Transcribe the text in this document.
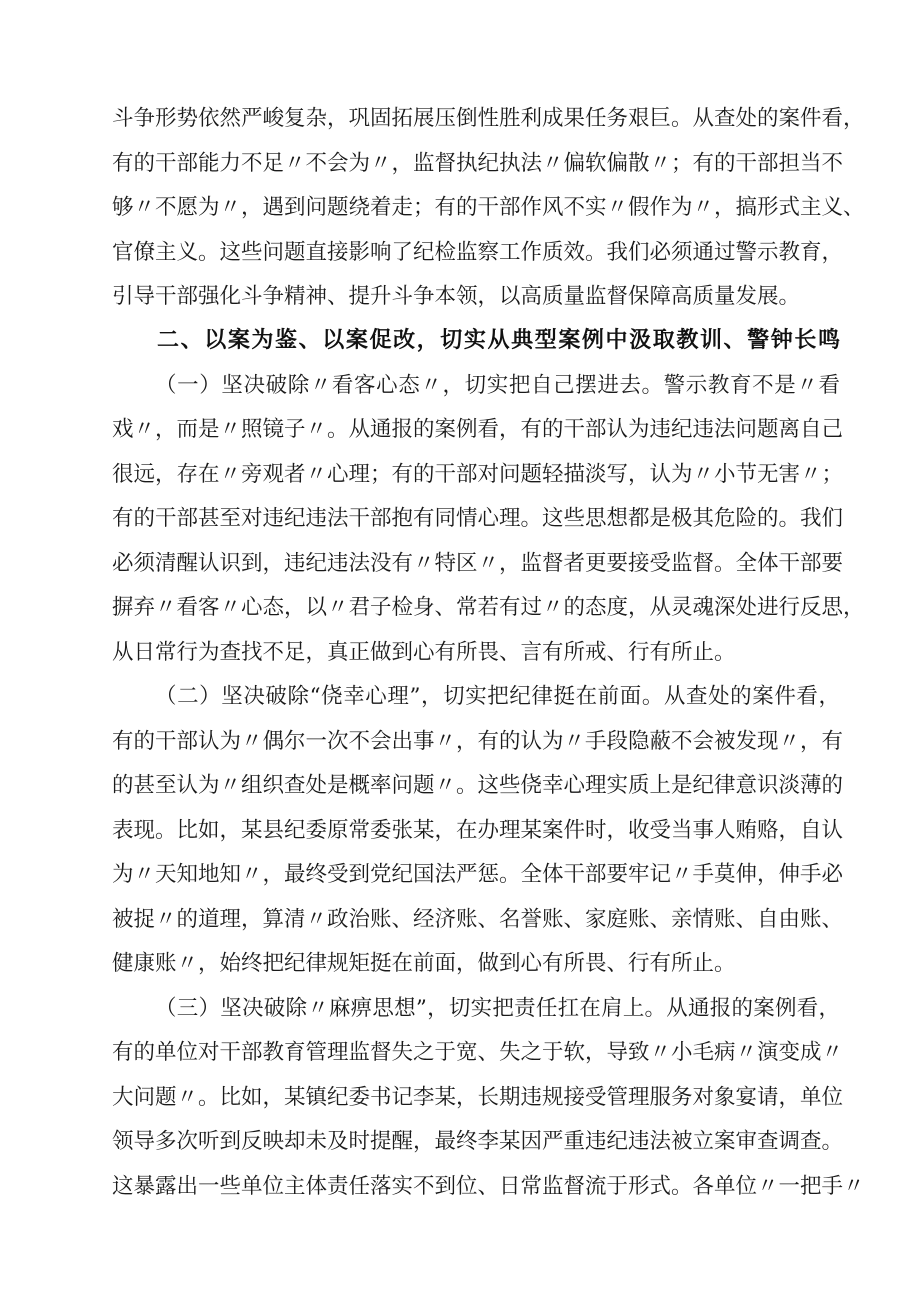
斗争形势依然严峻复杂，巩固拓展压倒性胜利成果任务艰巨。从查处的案件看，
有的干部能力不足〃不会为〃，监督执纪执法〃偏软偏散〃；有的干部担当不
够〃不愿为〃，遇到问题绕着走；有的干部作风不实〃假作为〃，搞形式主义、
官僚主义。这些问题直接影响了纪检监察工作质效。我们必须通过警示教育，
引导干部强化斗争精神、提升斗争本领，以高质量监督保障高质量发展。
二、以案为鉴、以案促改，切实从典型案例中汲取教训、警钟长鸣
（一）坚决破除〃看客心态〃，切实把自己摆进去。警示教育不是〃看
戏〃，而是〃照镜子〃。从通报的案例看，有的干部认为违纪违法问题离自己
很远，存在〃旁观者〃心理；有的干部对问题轻描淡写，认为〃小节无害〃；
有的干部甚至对违纪违法干部抱有同情心理。这些思想都是极其危险的。我们
必须清醒认识到，违纪违法没有〃特区〃，监督者更要接受监督。全体干部要
摒弃〃看客〃心态，以〃君子检身、常若有过〃的态度，从灵魂深处进行反思，
从日常行为查找不足，真正做到心有所畏、言有所戒、行有所止。
（二）坚决破除“侥幸心理”，切实把纪律挺在前面。从查处的案件看，
有的干部认为〃偶尔一次不会出事〃，有的认为〃手段隐蔽不会被发现〃，有
的甚至认为〃组织查处是概率问题〃。这些侥幸心理实质上是纪律意识淡薄的
表现。比如，某县纪委原常委张某，在办理某案件时，收受当事人贿赂，自认
为〃天知地知〃，最终受到党纪国法严惩。全体干部要牢记〃手莫伸，伸手必
被捉〃的道理，算清〃政治账、经济账、名誉账、家庭账、亲情账、自由账、
健康账〃，始终把纪律规矩挺在前面，做到心有所畏、行有所止。
（三）坚决破除〃麻痹思想”，切实把责任扛在肩上。从通报的案例看，
有的单位对干部教育管理监督失之于宽、失之于软，导致〃小毛病〃演变成〃
大问题〃。比如，某镇纪委书记李某，长期违规接受管理服务对象宴请，单位
领导多次听到反映却未及时提醒，最终李某因严重违纪违法被立案审查调查。
这暴露出一些单位主体责任落实不到位、日常监督流于形式。各单位〃一把手〃
